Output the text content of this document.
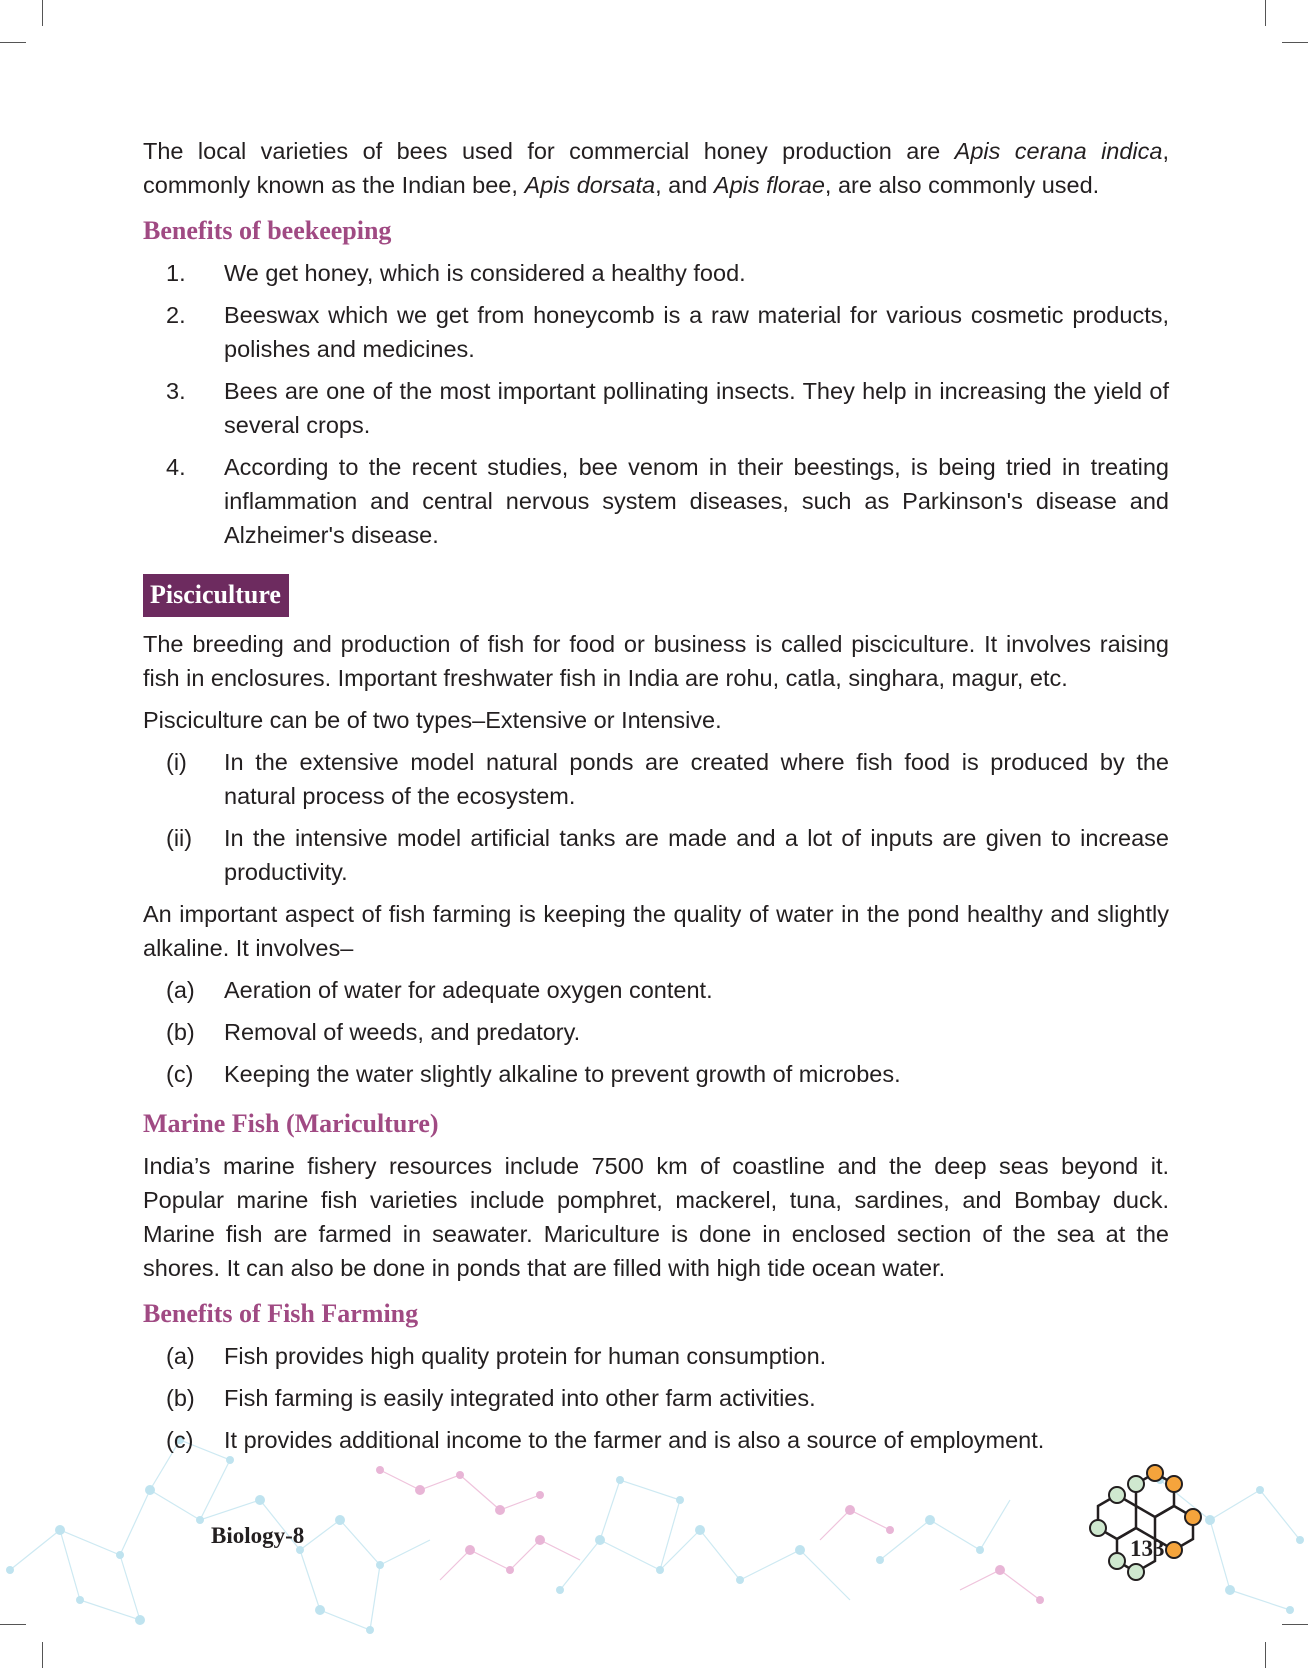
The local varieties of bees used for commercial honey production are Apis cerana indica, commonly known as the Indian bee, Apis dorsata, and Apis florae, are also commonly used.

Benefits of beekeeping
1.	We get honey, which is considered a healthy food.
2.	Beeswax which we get from honeycomb is a raw material for various cosmetic products, polishes and medicines.
3.	Bees are one of the most important pollinating insects. They help in increasing the yield of several crops.
4.	According to the recent studies, bee venom in their beestings, is being tried in treating inflammation and central nervous system diseases, such as Parkinson's disease and Alzheimer's disease.
Pisciculture

The breeding and production of fish for food or business is called pisciculture. It involves raising fish in enclosures. Important freshwater fish in India are rohu, catla, singhara, magur, etc.

Pisciculture can be of two types–Extensive or Intensive.

(i)	In the extensive model natural ponds are created where fish food is produced by the natural process of the ecosystem.
(ii)	In the intensive model artificial tanks are made and a lot of inputs are given to increase productivity.

An important aspect of fish farming is keeping the quality of water in the pond healthy and slightly alkaline. It involves–

(a)	Aeration of water for adequate oxygen content.
(b)	Removal of weeds, and predatory.
(c)	Keeping the water slightly alkaline to prevent growth of microbes.
Marine Fish (Mariculture)

India’s marine fishery resources include 7500 km of coastline and the deep seas beyond it. Popular marine fish varieties include pomphret, mackerel, tuna, sardines, and Bombay duck. Marine fish are farmed in seawater. Mariculture is done in enclosed section of the sea at the shores. It can also be done in ponds that are filled with high tide ocean water.

Benefits of Fish Farming
(a)	Fish provides high quality protein for human consumption.
(b)	Fish farming is easily integrated into other farm activities.
(c)	It provides additional income to the farmer and is also a source of employment.
Biology-8
133
